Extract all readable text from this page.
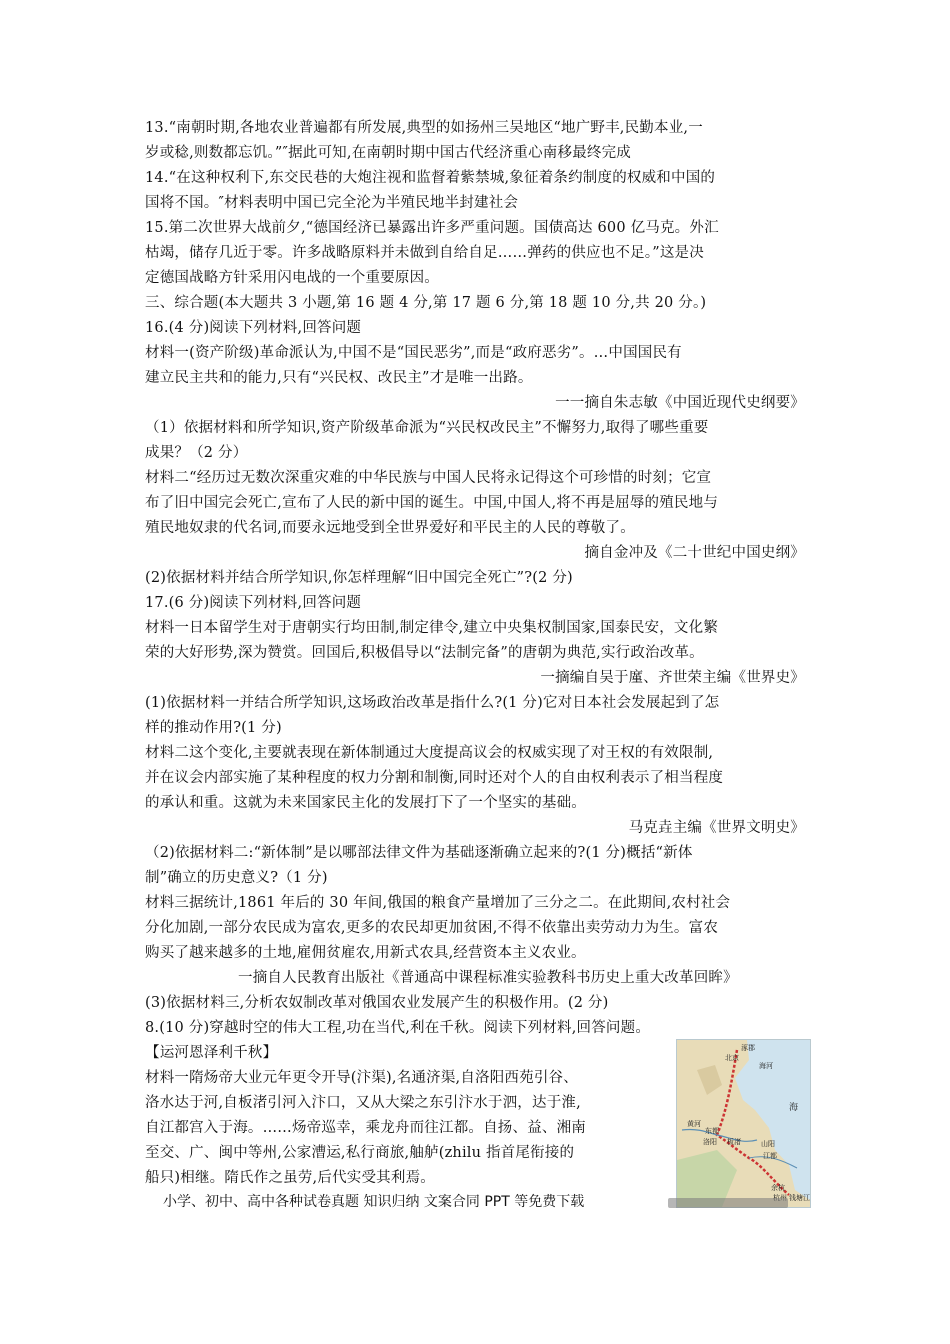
13.“南朝时期,各地农业普遍都有所发展,典型的如扬州三吴地区“地广野丰,民勤本业,一
岁或稔,则数都忘饥。”″据此可知,在南朝时期中国古代经济重心南移最终完成
14.“在这种权利下,东交民巷的大炮注视和监督着紫禁城,象征着条约制度的权威和中国的
国将不国。″材料表明中国已完全沦为半殖民地半封建社会
15.第二次世界大战前夕,“德国经济已暴露出许多严重问题。国债高达 600 亿马克。外汇
枯竭，储存几近于零。许多战略原料并未做到自给自足……弹药的供应也不足。”这是决
定德国战略方针采用闪电战的一个重要原因。
三、综合题(本大题共 3 小题,第 16 题 4 分,第 17 题 6 分,第 18 题 10 分,共 20 分。)
16.(4 分)阅读下列材料,回答问题
材料一(资产阶级)革命派认为,中国不是“国民恶劣”,而是“政府恶劣”。…中国国民有
建立民主共和的能力,只有“兴民权、改民主”才是唯一出路。
一一摘自朱志敏《中国近现代史纲要》
（1）依据材料和所学知识,资产阶级革命派为“兴民权改民主”不懈努力,取得了哪些重要
成果？（2 分）
材料二“经历过无数次深重灾难的中华民族与中国人民将永记得这个可珍惜的时刻；它宣
布了旧中国完会死亡,宣布了人民的新中国的诞生。中国,中国人,将不再是屈辱的殖民地与
殖民地奴隶的代名词,而要永远地受到全世界爱好和平民主的人民的尊敬了。
摘自金冲及《二十世纪中国史纲》
(2)依据材料并结合所学知识,你怎样理解“旧中国完全死亡”?(2 分)
17.(6 分)阅读下列材料,回答问题
材料一日本留学生对于唐朝实行均田制,制定律令,建立中央集权制国家,国泰民安，文化繁
荣的大好形势,深为赞赏。回国后,积极倡导以“法制完备”的唐朝为典范,实行政治改革。
一摘编自吴于廑、齐世荣主编《世界史》
(1)依据材料一并结合所学知识,这场政治改革是指什么?(1 分)它对日本社会发展起到了怎
样的推动作用?(1 分)
材料二这个变化,主要就表现在新体制通过大度提高议会的权威实现了对王权的有效限制,
并在议会内部实施了某种程度的权力分割和制衡,同时还对个人的自由权利表示了相当程度
的承认和重。这就为未来国家民主化的发展打下了一个坚实的基础。
马克垚主编《世界文明史》
（2)依据材料二:“新体制”是以哪部法律文件为基础逐渐确立起来的?(1 分)概括“新体
制”确立的历史意义?（1 分)
材料三据统计,1861 年后的 30 年间,俄国的粮食产量增加了三分之二。在此期间,农村社会
分化加剧,一部分农民成为富农,更多的农民却更加贫困,不得不依靠出卖劳动力为生。富农
购买了越来越多的土地,雇佣贫雇农,用新式农具,经营资本主义农业。
一摘自人民教育出版社《普通高中课程标准实验教科书历史上重大改革回眸》
(3)依据材料三,分析农奴制改革对俄国农业发展产生的积极作用。(2 分)
8.(10 分)穿越时空的伟大工程,功在当代,利在千秋。阅读下列材料,回答问题。
【运河恩泽利千秋】
材料一隋炀帝大业元年更令开导(汴渠),名通济渠,自洛阳西苑引谷、
洛水达于河,自板渚引河入汴口，又从大梁之东引汴水于泗，达于淮,
自江都宫入于海。……炀帝巡幸，乘龙舟而往江都。自扬、益、湘南
至交、广、闽中等州,公家漕运,私行商旅,舳舻(zhilu 指首尾衔接的
船只)相继。隋氏作之虽劳,后代实受其利焉。
涿郡
北京
海河
黄河
东都
洛阳 板渚	山阳
江都
余杭
钱塘江
海
小学、初中、高中各种试卷真题 知识归纳 文案合同 PPT 等免费下载
